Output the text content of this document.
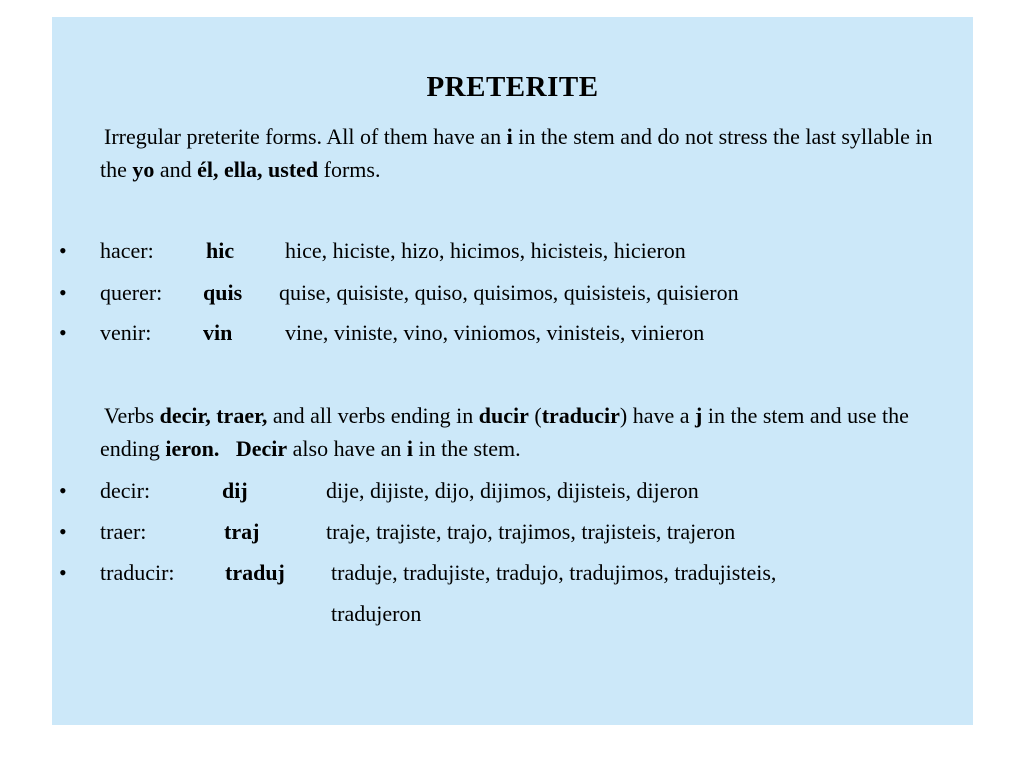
PRETERITE
Irregular preterite forms. All of them have an i in the stem and do not stress the last syllable in the yo and él, ella, usted forms.
• hacer: hic hice, hiciste, hizo, hicimos, hicisteis, hicieron
• querer: quis quise, quisiste, quiso, quisimos, quisisteis, quisieron
• venir: vin vine, viniste, vino, viniomos, vinisteis, vinieron
Verbs decir, traer, and all verbs ending in ducir (traducir) have a j in the stem and use the ending ieron. Decir also have an i in the stem.
• decir:	dij	dije, dijiste, dijo, dijimos, dijisteis, dijeron
• traer:	traj	traje, trajiste, trajo, trajimos, trajisteis, trajeron
• traducir: traduj traduje, tradujiste, tradujo, tradujimos, tradujisteis,
tradujeron
